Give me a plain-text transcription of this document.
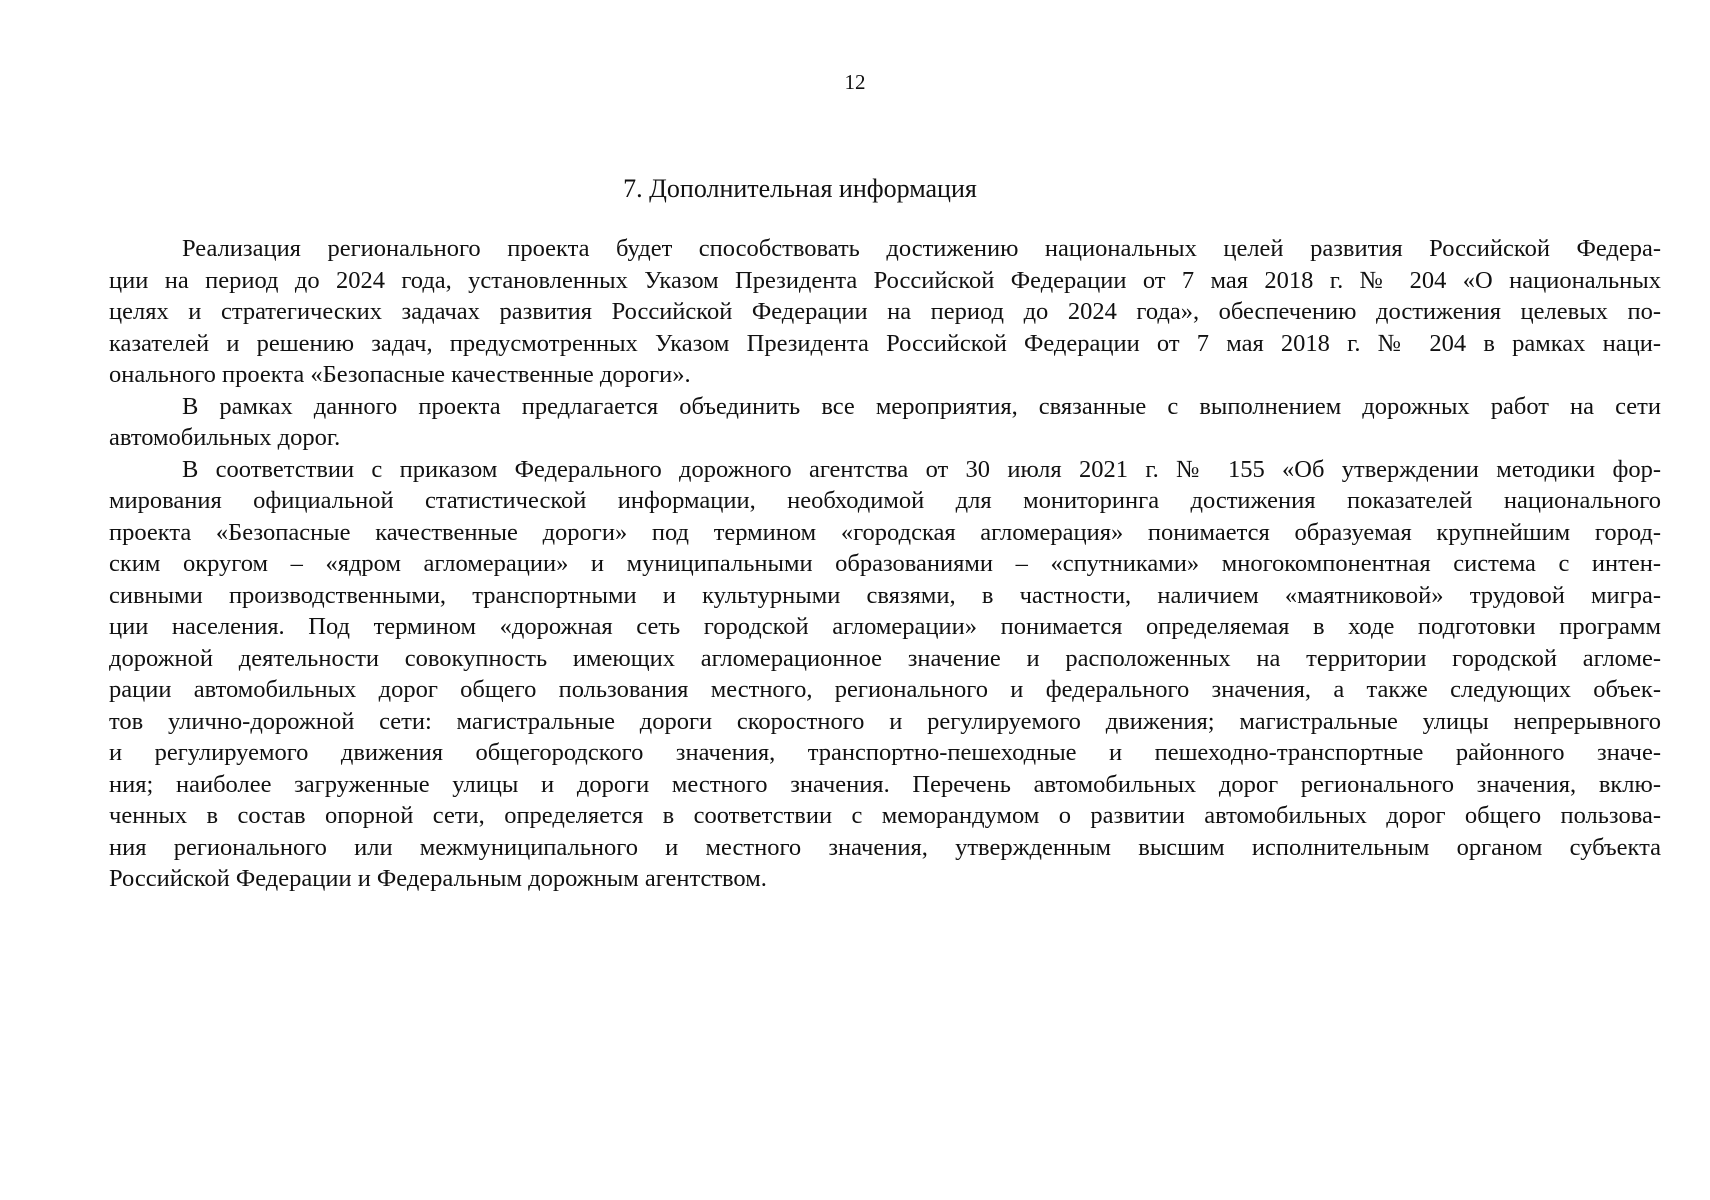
12
7. Дополнительная информация
Реализация регионального проекта будет способствовать достижению национальных целей развития Российской Федера-
ции на период до 2024 года, установленных Указом Президента Российской Федерации от 7 мая 2018 г. № 204 «О национальных
целях и стратегических задачах развития Российской Федерации на период до 2024 года», обеспечению достижения целевых по-
казателей и решению задач, предусмотренных Указом Президента Российской Федерации от 7 мая 2018 г. № 204 в рамках наци-
онального проекта «Безопасные качественные дороги».
В рамках данного проекта предлагается объединить все мероприятия, связанные с выполнением дорожных работ на сети
автомобильных дорог.
В соответствии с приказом Федерального дорожного агентства от 30 июля 2021 г. № 155 «Об утверждении методики фор-
мирования официальной статистической информации, необходимой для мониторинга достижения показателей национального
проекта «Безопасные качественные дороги» под термином «городская агломерация» понимается образуемая крупнейшим город-
ским округом – «ядром агломерации» и муниципальными образованиями – «спутниками» многокомпонентная система с интен-
сивными производственными, транспортными и культурными связями, в частности, наличием «маятниковой» трудовой мигра-
ции населения. Под термином «дорожная сеть городской агломерации» понимается определяемая в ходе подготовки программ
дорожной деятельности совокупность имеющих агломерационное значение и расположенных на территории городской агломе-
рации автомобильных дорог общего пользования местного, регионального и федерального значения, а также следующих объек-
тов улично-дорожной сети: магистральные дороги скоростного и регулируемого движения; магистральные улицы непрерывного
и регулируемого движения общегородского значения, транспортно-пешеходные и пешеходно-транспортные районного значе-
ния; наиболее загруженные улицы и дороги местного значения. Перечень автомобильных дорог регионального значения, вклю-
ченных в состав опорной сети, определяется в соответствии с меморандумом о развитии автомобильных дорог общего пользова-
ния регионального или межмуниципального и местного значения, утвержденным высшим исполнительным органом субъекта
Российской Федерации и Федеральным дорожным агентством.
